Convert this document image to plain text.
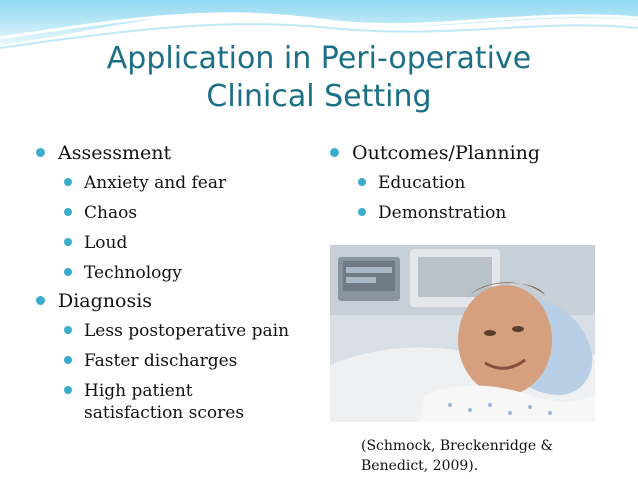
Application in Peri-operative
Clinical Setting
Assessment
Anxiety and fear
Chaos
Loud
Technology
Diagnosis
Less postoperative pain
Faster discharges
High patient
satisfaction scores
Outcomes/Planning
Education
Demonstration
(Schmock, Breckenridge &
Benedict, 2009).
